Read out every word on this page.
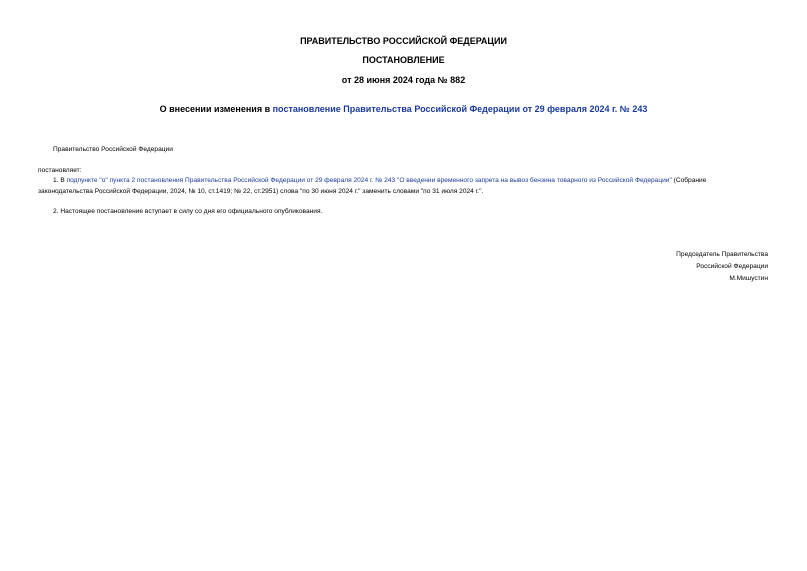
ПРАВИТЕЛЬСТВО РОССИЙСКОЙ ФЕДЕРАЦИИ
ПОСТАНОВЛЕНИЕ
от 28 июня 2024 года № 882
О внесении изменения в постановление Правительства Российской Федерации от 29 февраля 2024 г. № 243
Правительство Российской Федерации
постановляет:
1. В подпункте "о" пункта 2 постановления Правительства Российской Федерации от 29 февраля 2024 г. № 243 "О введении временного запрета на вывоз бензина товарного из Российской Федерации" (Собрание
законодательства Российской Федерации, 2024, № 10, ст.1419; № 22, ст.2951) слова "по 30 июня 2024 г." заменить словами "по 31 июля 2024 г.".
2. Настоящее постановление вступает в силу со дня его официального опубликования.
Председатель Правительства
Российской Федерации
М.Мишустин
